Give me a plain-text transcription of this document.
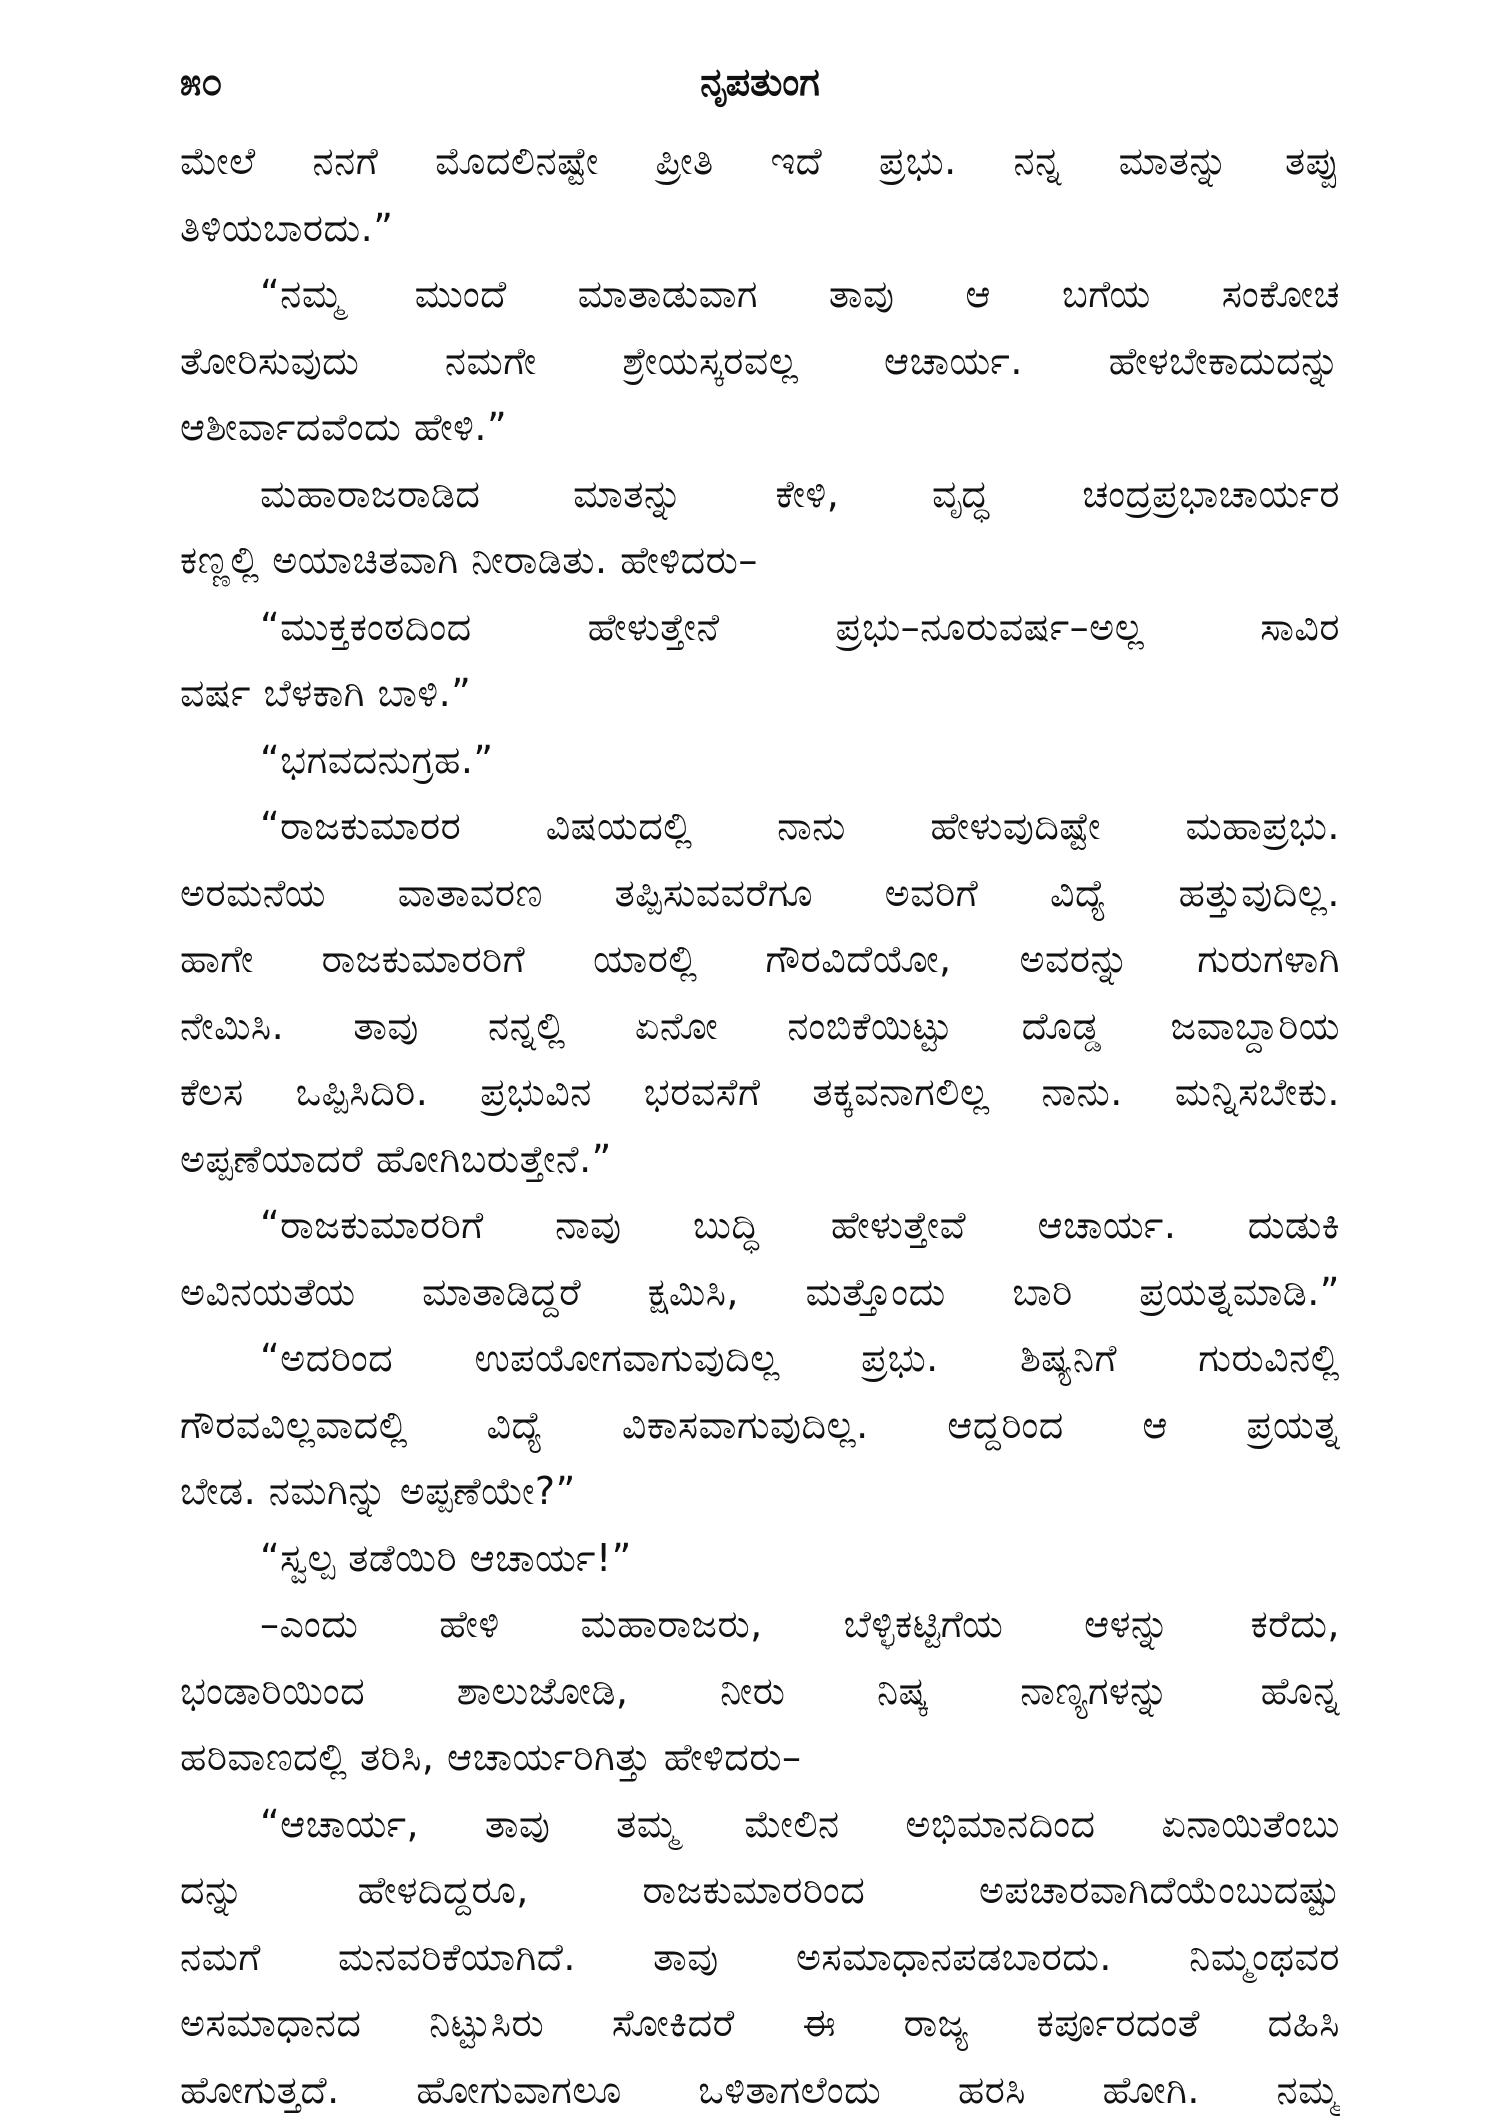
೫೦	ನೃಪತುಂಗ
ಮೇಲೆ ನನಗೆ ಮೊದಲಿನಷ್ಟೇ ಪ್ರೀತಿ ಇದೆ ಪ್ರಭು. ನನ್ನ ಮಾತನ್ನು ತಪ್ಪು
ತಿಳಿಯಬಾರದು.”
“ನಮ್ಮ ಮುಂದೆ ಮಾತಾಡುವಾಗ ತಾವು ಆ ಬಗೆಯ ಸಂಕೋಚ
ತೋರಿಸುವುದು ನಮಗೇ ಶ್ರೇಯಸ್ಕರವಲ್ಲ ಆಚಾರ್ಯ. ಹೇಳಬೇಕಾದುದನ್ನು
ಆಶೀರ್ವಾದವೆಂದು ಹೇಳಿ.”
ಮಹಾರಾಜರಾಡಿದ ಮಾತನ್ನು ಕೇಳಿ, ವೃದ್ಧ ಚಂದ್ರಪ್ರಭಾಚಾರ್ಯರ
ಕಣ್ಣಲ್ಲಿ ಅಯಾಚಿತವಾಗಿ ನೀರಾಡಿತು. ಹೇಳಿದರು–
“ಮುಕ್ತಕಂಠದಿಂದ ಹೇಳುತ್ತೇನೆ ಪ್ರಭು–ನೂರುವರ್ಷ–ಅಲ್ಲ ಸಾವಿರ
ವರ್ಷ ಬೆಳಕಾಗಿ ಬಾಳಿ.”
“ಭಗವದನುಗ್ರಹ.”
“ರಾಜಕುಮಾರರ ವಿಷಯದಲ್ಲಿ ನಾನು ಹೇಳುವುದಿಷ್ಟೇ ಮಹಾಪ್ರಭು.
ಅರಮನೆಯ ವಾತಾವರಣ ತಪ್ಪಿಸುವವರೆಗೂ ಅವರಿಗೆ ವಿದ್ಯೆ ಹತ್ತುವುದಿಲ್ಲ.
ಹಾಗೇ ರಾಜಕುಮಾರರಿಗೆ ಯಾರಲ್ಲಿ ಗೌರವಿದೆಯೋ, ಅವರನ್ನು ಗುರುಗಳಾಗಿ
ನೇಮಿಸಿ. ತಾವು ನನ್ನಲ್ಲಿ ಏನೋ ನಂಬಿಕೆಯಿಟ್ಟು ದೊಡ್ಡ ಜವಾಬ್ದಾರಿಯ
ಕೆಲಸ ಒಪ್ಪಿಸಿದಿರಿ. ಪ್ರಭುವಿನ ಭರವಸೆಗೆ ತಕ್ಕವನಾಗಲಿಲ್ಲ ನಾನು. ಮನ್ನಿಸಬೇಕು.
ಅಪ್ಪಣೆಯಾದರೆ ಹೋಗಿಬರುತ್ತೇನೆ.”
“ರಾಜಕುಮಾರರಿಗೆ ನಾವು ಬುದ್ಧಿ ಹೇಳುತ್ತೇವೆ ಆಚಾರ್ಯ. ದುಡುಕಿ
ಅವಿನಯತೆಯ ಮಾತಾಡಿದ್ದರೆ ಕ್ಷಮಿಸಿ, ಮತ್ತೊಂದು ಬಾರಿ ಪ್ರಯತ್ನಮಾಡಿ.”
“ಅದರಿಂದ ಉಪಯೋಗವಾಗುವುದಿಲ್ಲ ಪ್ರಭು. ಶಿಷ್ಯನಿಗೆ ಗುರುವಿನಲ್ಲಿ
ಗೌರವವಿಲ್ಲವಾದಲ್ಲಿ ವಿದ್ಯೆ ವಿಕಾಸವಾಗುವುದಿಲ್ಲ. ಆದ್ದರಿಂದ ಆ ಪ್ರಯತ್ನ
ಬೇಡ. ನಮಗಿನ್ನು ಅಪ್ಪಣೆಯೇ?”
“ಸ್ವಲ್ಪ ತಡೆಯಿರಿ ಆಚಾರ್ಯ!”
–ಎಂದು ಹೇಳಿ ಮಹಾರಾಜರು, ಬೆಳ್ಳಿಕಟ್ಟಿಗೆಯ ಆಳನ್ನು ಕರೆದು,
ಭಂಡಾರಿಯಿಂದ ಶಾಲುಜೋಡಿ, ನೀರು ನಿಷ್ಕ ನಾಣ್ಯಗಳನ್ನು ಹೊನ್ನ
ಹರಿವಾಣದಲ್ಲಿ ತರಿಸಿ, ಆಚಾರ್ಯರಿಗಿತ್ತು ಹೇಳಿದರು–
“ಆಚಾರ್ಯ, ತಾವು ತಮ್ಮ ಮೇಲಿನ ಅಭಿಮಾನದಿಂದ ಏನಾಯಿತೆಂಬು
ದನ್ನು ಹೇಳದಿದ್ದರೂ, ರಾಜಕುಮಾರರಿಂದ ಅಪಚಾರವಾಗಿದೆಯೆಂಬುದಷ್ಟು
ನಮಗೆ ಮನವರಿಕೆಯಾಗಿದೆ. ತಾವು ಅಸಮಾಧಾನಪಡಬಾರದು. ನಿಮ್ಮಂಥವರ
ಅಸಮಾಧಾನದ ನಿಟ್ಟುಸಿರು ಸೋಕಿದರೆ ಈ ರಾಜ್ಯ ಕರ್ಪೂರದಂತೆ ದಹಿಸಿ
ಹೋಗುತ್ತದೆ. ಹೋಗುವಾಗಲೂ ಒಳಿತಾಗಲೆಂದು ಹರಸಿ ಹೋಗಿ. ನಮ್ಮ
